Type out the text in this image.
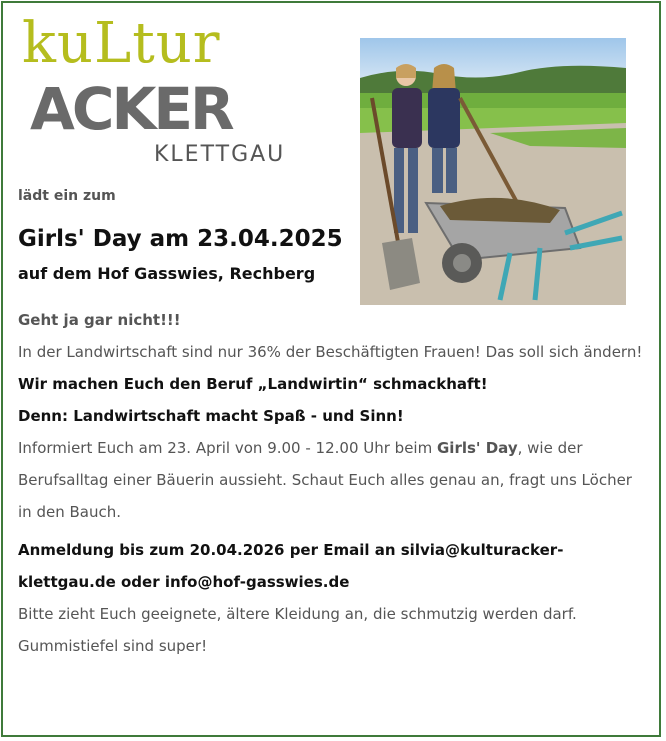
kuLtur
ACKER
KLETTGAU
lädt ein zum
Girls' Day am 23.04.2025
auf dem Hof Gasswies, Rechberg
Geht ja gar nicht!!!
In der Landwirtschaft sind nur 36% der Beschäftigten Frauen! Das soll sich ändern!
Wir machen Euch den Beruf „Landwirtin“ schmackhaft!
Denn: Landwirtschaft macht Spaß - und Sinn!
Informiert Euch am 23. April von 9.00 - 12.00 Uhr beim Girls' Day, wie der Berufsalltag einer Bäuerin aussieht. Schaut Euch alles genau an, fragt uns Löcher in den Bauch.
Anmeldung bis zum 20.04.2026 per Email an silvia@kulturacker-klettgau.de oder info@hof-gasswies.de
Bitte zieht Euch geeignete, ältere Kleidung an, die schmutzig werden darf. Gummistiefel sind super!
